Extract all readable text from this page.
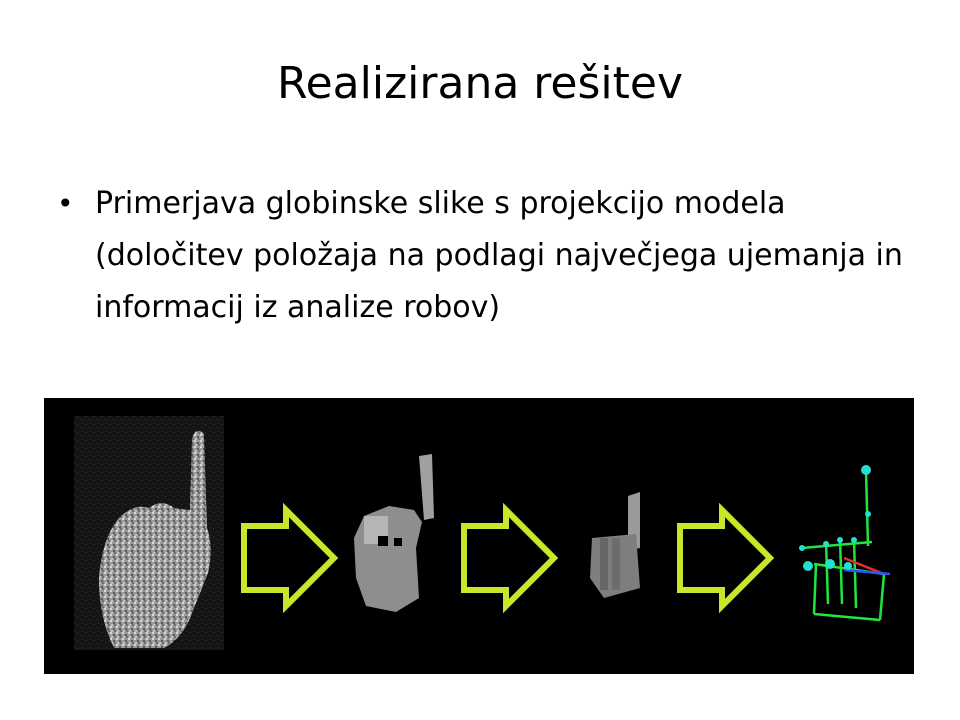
Realizirana rešitev
• Primerjava globinske slike s projekcijo modela (določitev položaja na podlagi največjega ujemanja in informacij iz analize robov)
